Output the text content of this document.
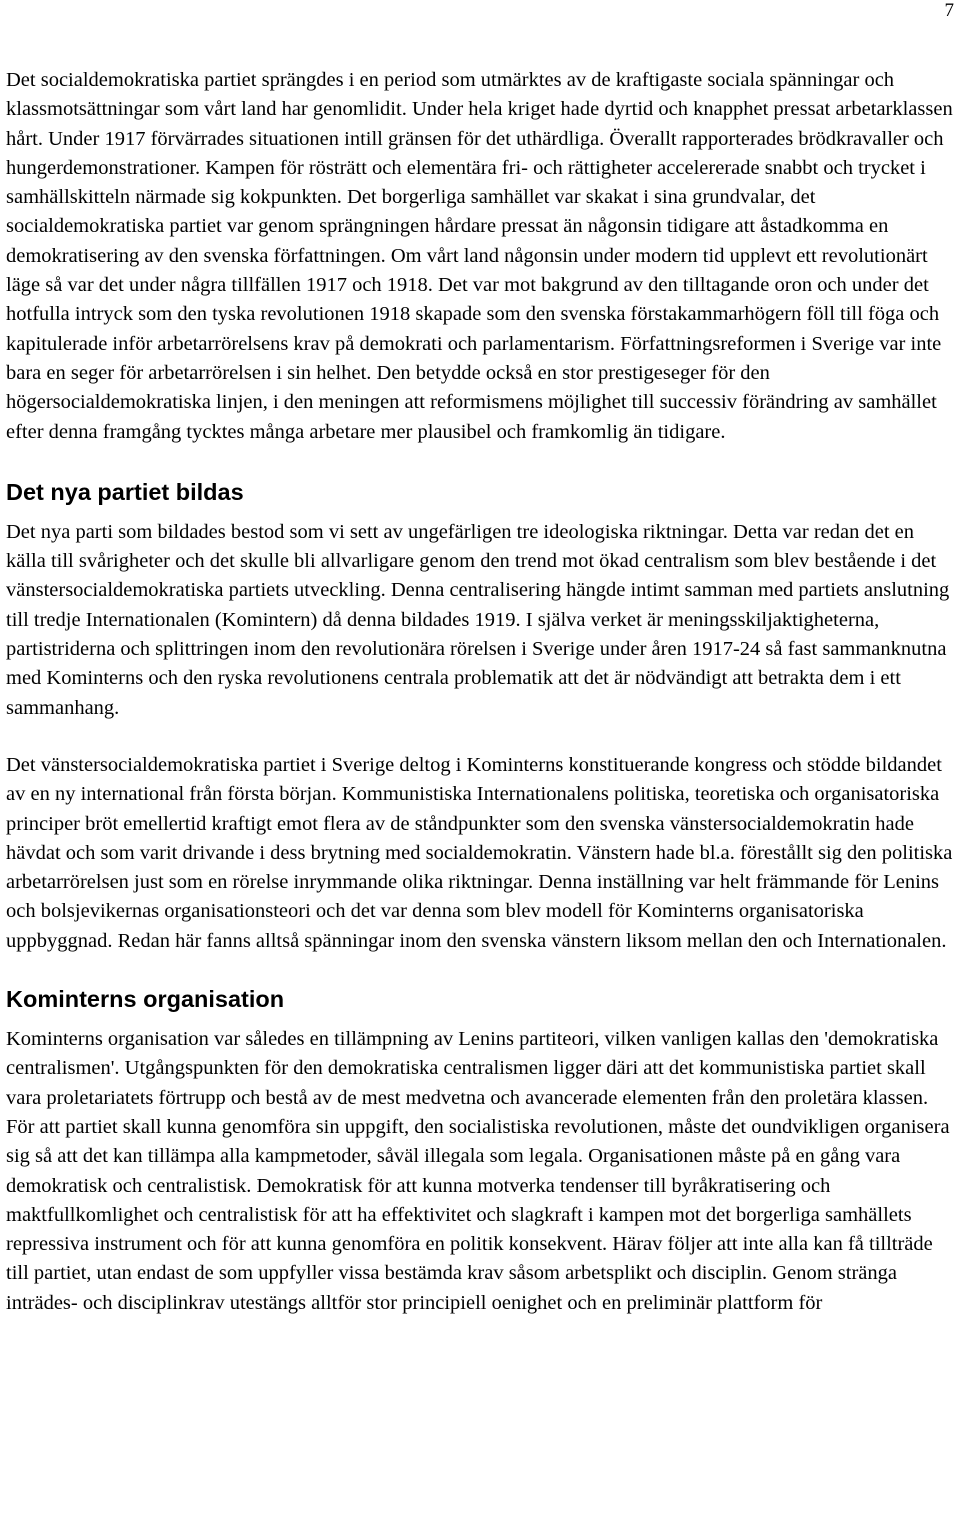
7

Det socialdemokratiska partiet sprängdes i en period som utmärktes av de kraftigaste sociala spänningar och klassmotsättningar som vårt land har genomlidit. Under hela kriget hade dyrtid och knapphet pressat arbetarklassen hårt. Under 1917 förvärrades situationen intill gränsen för det uthärdliga. Överallt rapporterades brödkravaller och hungerdemonstrationer. Kampen för rösträtt och elementära fri- och rättigheter accelererade snabbt och trycket i samhällskitteln närmade sig kokpunkten. Det borgerliga samhället var skakat i sina grundvalar, det socialdemokratiska partiet var genom sprängningen hårdare pressat än någonsin tidigare att åstadkomma en demokratisering av den svenska författningen. Om vårt land någonsin under modern tid upplevt ett revolutionärt läge så var det under några tillfällen 1917 och 1918. Det var mot bakgrund av den tilltagande oron och under det hotfulla intryck som den tyska revolutionen 1918 skapade som den svenska förstakammarhögern föll till föga och kapitulerade inför arbetarrörelsens krav på demokrati och parlamentarism. Författningsreformen i Sverige var inte bara en seger för arbetarrörelsen i sin helhet. Den betydde också en stor prestigeseger för den högersocialdemokratiska linjen, i den meningen att reformismens möjlighet till successiv förändring av samhället efter denna framgång tycktes många arbetare mer plausibel och framkomlig än tidigare.

Det nya partiet bildas

Det nya parti som bildades bestod som vi sett av ungefärligen tre ideologiska riktningar. Detta var redan det en källa till svårigheter och det skulle bli allvarligare genom den trend mot ökad centralism som blev bestående i det vänstersocialdemokratiska partiets utveckling. Denna centralisering hängde intimt samman med partiets anslutning till tredje Internationalen (Komintern) då denna bildades 1919. I själva verket är meningsskiljaktigheterna, partistriderna och splittringen inom den revolutionära rörelsen i Sverige under åren 1917-24 så fast sammanknutna med Kominterns och den ryska revolutionens centrala problematik att det är nödvändigt att betrakta dem i ett sammanhang.

Det vänstersocialdemokratiska partiet i Sverige deltog i Kominterns konstituerande kongress och stödde bildandet av en ny international från första början. Kommunistiska Internationalens politiska, teoretiska och organisatoriska principer bröt emellertid kraftigt emot flera av de ståndpunkter som den svenska vänstersocialdemokratin hade hävdat och som varit drivande i dess brytning med socialdemokratin. Vänstern hade bl.a. förestållt sig den politiska arbetarrörelsen just som en rörelse inrymmande olika riktningar. Denna inställning var helt främmande för Lenins och bolsjevikernas organisationsteori och det var denna som blev modell för Kominterns organisatoriska uppbyggnad. Redan här fanns alltså spänningar inom den svenska vänstern liksom mellan den och Internationalen.

Kominterns organisation

Kominterns organisation var således en tillämpning av Lenins partiteori, vilken vanligen kallas den 'demokratiska centralismen'. Utgångspunkten för den demokratiska centralismen ligger däri att det kommunistiska partiet skall vara proletariatets förtrupp och bestå av de mest medvetna och avancerade elementen från den proletära klassen. För att partiet skall kunna genomföra sin uppgift, den socialistiska revolutionen, måste det oundvikligen organisera sig så att det kan tillämpa alla kampmetoder, såväl illegala som legala. Organisationen måste på en gång vara demokratisk och centralistisk. Demokratisk för att kunna motverka tendenser till byråkratisering och maktfullkomlighet och centralistisk för att ha effektivitet och slagkraft i kampen mot det borgerliga samhällets repressiva instrument och för att kunna genomföra en politik konsekvent. Härav följer att inte alla kan få tillträde till partiet, utan endast de som uppfyller vissa bestämda krav såsom arbetsplikt och disciplin. Genom stränga inträdes- och disciplinkrav utestängs alltför stor principiell oenighet och en preliminär plattform för
